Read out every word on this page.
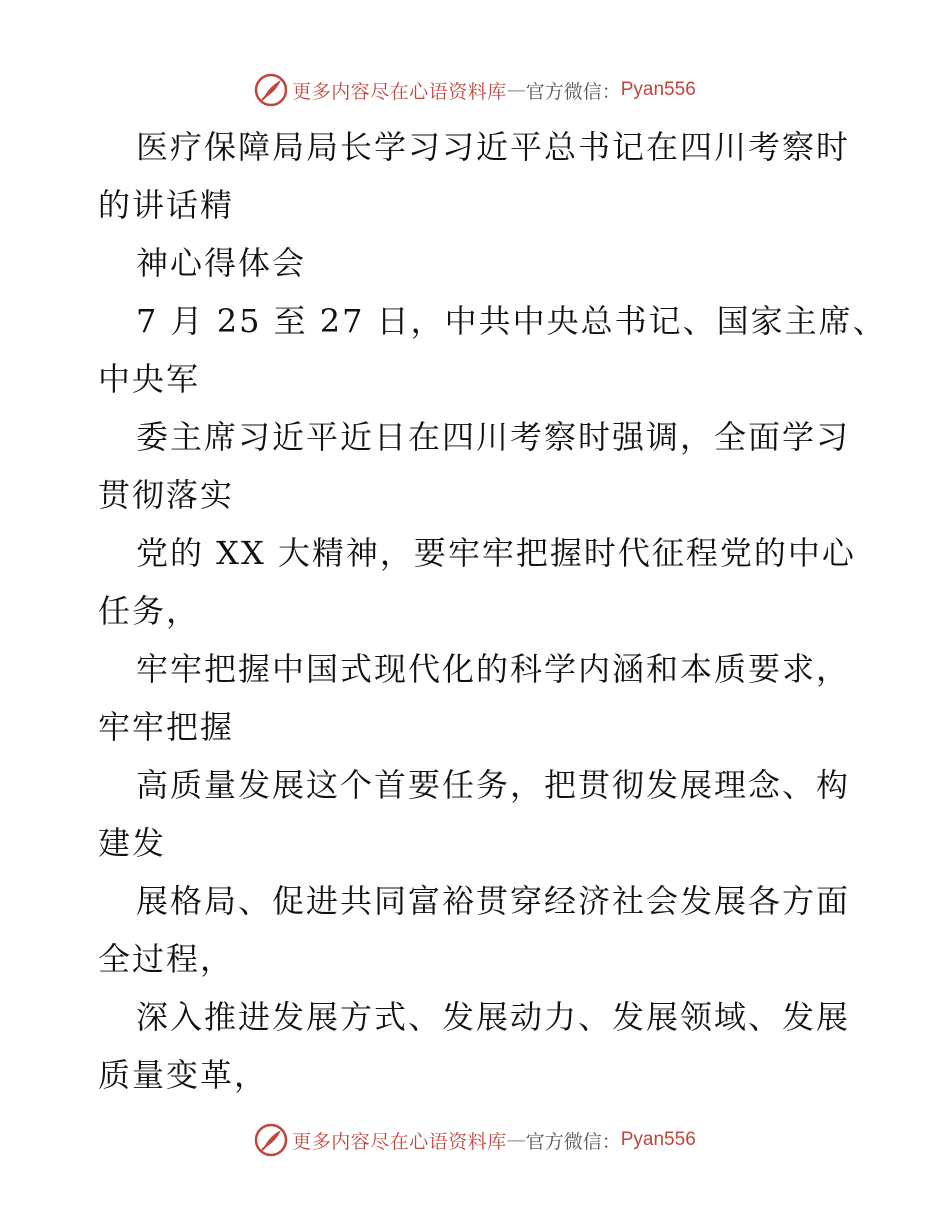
更多内容尽在心语资料库 — 官方微信： Pyan556
医疗保障局局长学习习近平总书记在四川考察时
的讲话精
神心得体会
7 月 25 至 27 日，中共中央总书记、国家主席、
中央军
委主席习近平近日在四川考察时强调，全面学习
贯彻落实
党的 XX 大精神，要牢牢把握时代征程党的中心
任务，
牢牢把握中国式现代化的科学内涵和本质要求，
牢牢把握
高质量发展这个首要任务，把贯彻发展理念、构
建发
展格局、促进共同富裕贯穿经济社会发展各方面
全过程，
深入推进发展方式、发展动力、发展领域、发展
质量变革，
更多内容尽在心语资料库 — 官方微信： Pyan556
